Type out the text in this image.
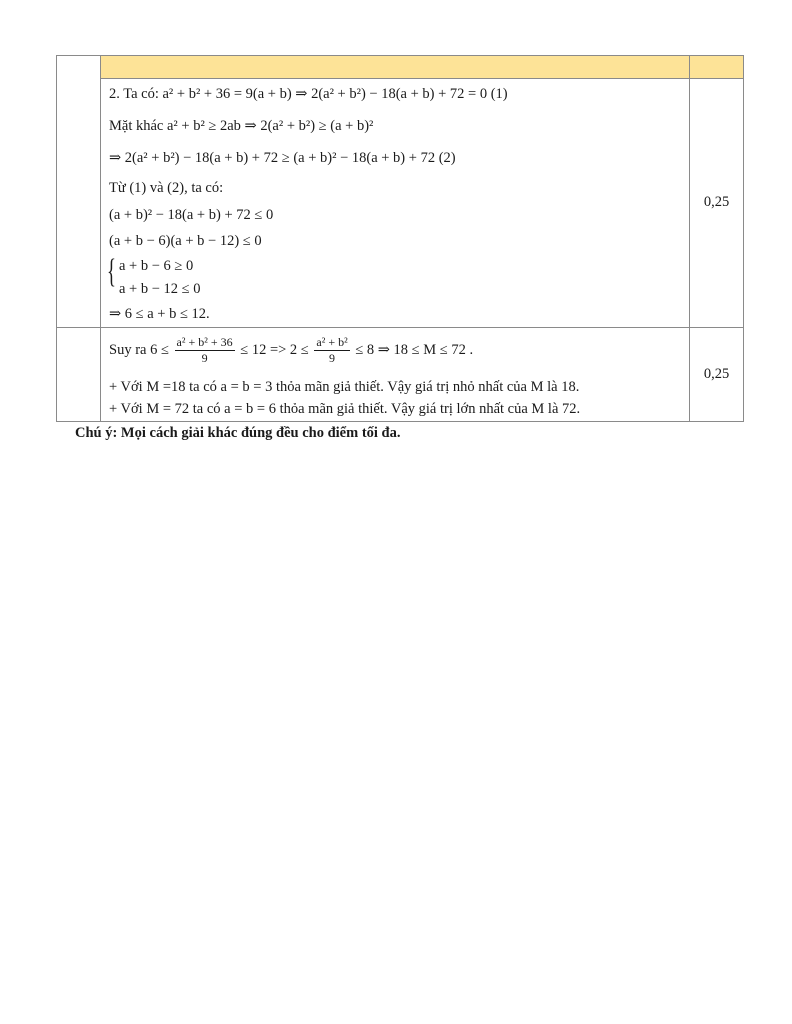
2. Ta có: a² + b² + 36 = 9(a + b) ⇒ 2(a² + b²) − 18(a + b) + 72 = 0 (1)
Mặt khác a² + b² ≥ 2ab ⇒ 2(a² + b²) ≥ (a + b)²
⇒ 2(a² + b²) − 18(a + b) + 72 ≥ (a + b)² − 18(a + b) + 72 (2)
Từ (1) và (2), ta có:
(a + b)² − 18(a + b) + 72 ≤ 0
(a + b − 6)(a + b − 12) ≤ 0
{ a + b − 6 ≥ 0
a + b − 12 ≤ 0
⇒ 6 ≤ a + b ≤ 12.
0,25
Suy ra $6 \le \frac{\text{a² + b² + 36}}{9} \le 12 => 2 \le \frac{\text{a² + b²}}{9} \le 8$ ⇒ 18 ≤ M ≤ 72 .
+ Với M =18 ta có a = b = 3 thỏa mãn giả thiết. Vậy giá trị nhỏ nhất của M là 18.
+ Với M = 72 ta có a = b = 6 thỏa mãn giả thiết. Vậy giá trị lớn nhất của M là 72.
0,25
Chú ý: Mọi cách giải khác đúng đều cho điểm tối đa.
